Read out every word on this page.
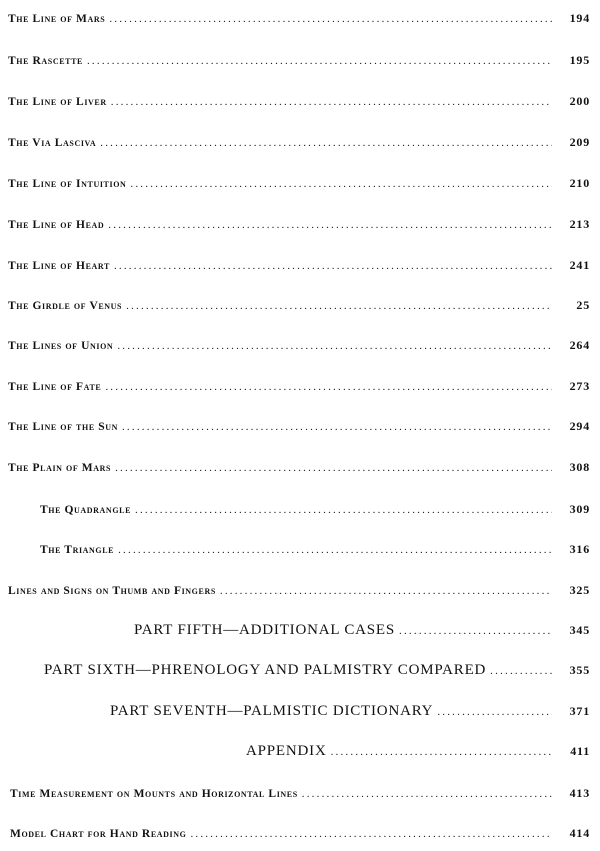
The Line of Mars .....	194
The Rascette .....	195
The Line of Liver .....	200
The Via Lasciva .....	209
The Line of Intuition .....	210
The Line of Head .....	213
The Line of Heart .....	241
The Girdle of Venus .....	25
The Lines of Union .....	264
The Line of Fate .....	273
The Line of the Sun .....	294
The Plain of Mars .....	308
The Quadrangle .....	309
The Triangle .....	316
Lines and Signs on Thumb and Fingers .....	325
PART FIFTH—ADDITIONAL CASES .....	345
PART SIXTH—PHRENOLOGY AND PALMISTRY COMPARED .....	355
PART SEVENTH—PALMISTIC DICTIONARY .....	371
APPENDIX .....	411
Time Measurement on Mounts and Horizontal Lines .....	413
Model Chart for Hand Reading .....	414
